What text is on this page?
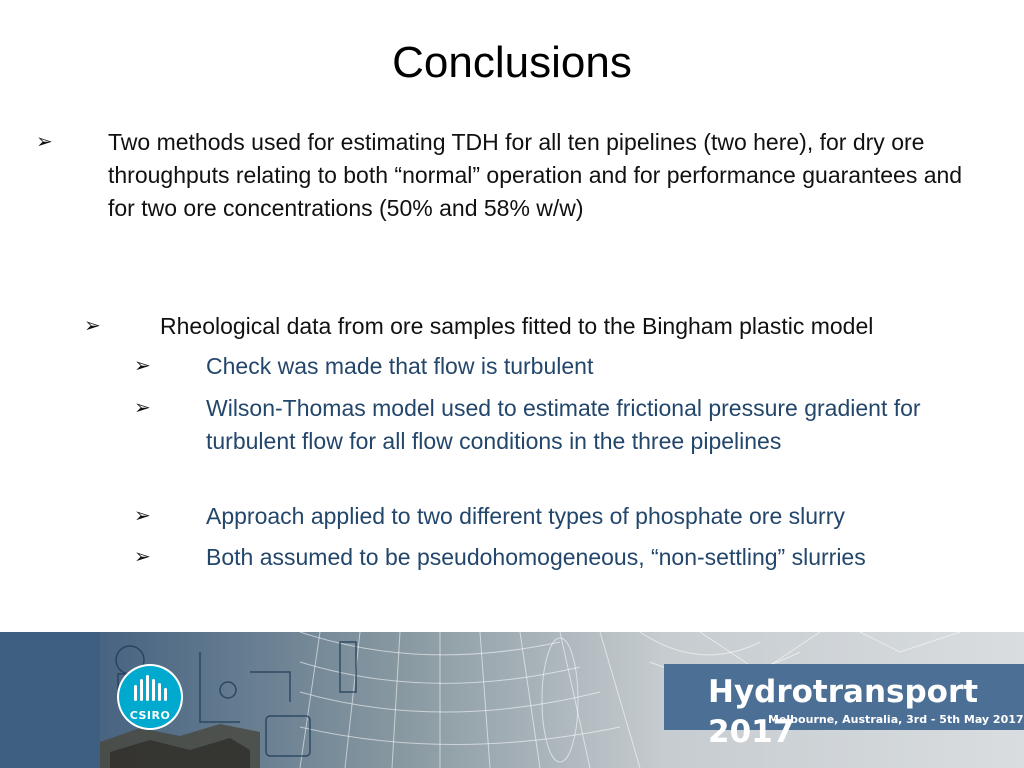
Conclusions
➢	Two methods used for estimating TDH for all ten pipelines (two here), for dry ore throughputs relating to both “normal” operation and for performance guarantees and for two ore concentrations (50% and 58% w/w)
➢	Rheological data from ore samples fitted to the Bingham plastic model
➢	Check was made that flow is turbulent
➢	Wilson-Thomas model used to estimate frictional pressure gradient for turbulent flow for all flow conditions in the three pipelines
➢	Approach applied to two different types of phosphate ore slurry
➢	Both assumed to be pseudohomogeneous, “non-settling” slurries
CSIRO
Hydrotransport 2017
Melbourne, Australia, 3rd - 5th May 2017
